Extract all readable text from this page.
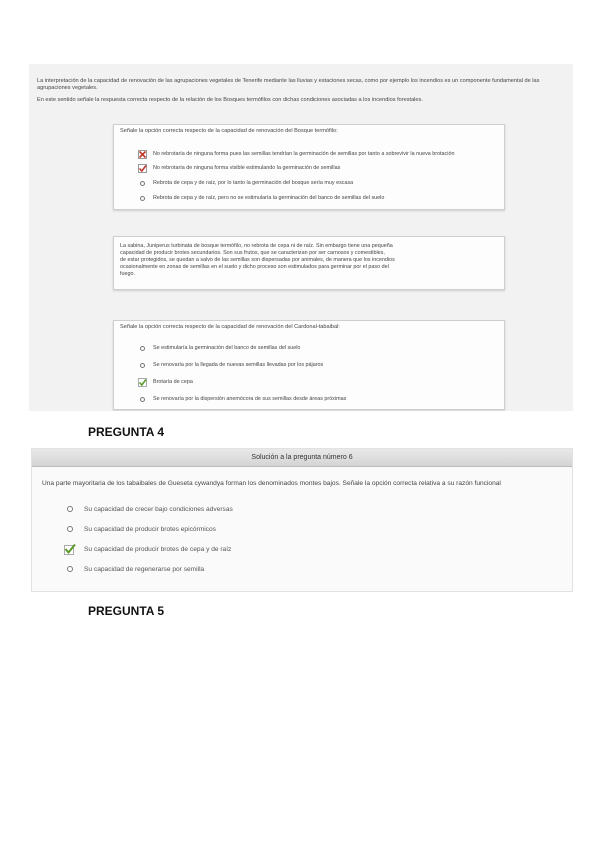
La interpretación de la capacidad de renovación de las agrupaciones vegetales de Tenerife mediante las lluvias y estaciones secas, como por ejemplo los incendios es un componente fundamental de las
agrupaciones vegetales.
En este sentido señale la respuesta correcta respecto de la relación de los Bosques termófilos con dichas condiciones asociadas a los incendios forestales.
Señale la opción correcta respecto de la capacidad de renovación del Bosque termófilo:
No rebrotaría de ninguna forma pues las semillas tendrían la germinación de semillas por tanto a sobrevivir la nueva brotación
No rebrotaría de ninguna forma visible estimulando la germinación de semillas
Rebrota de cepa y de raíz, por lo tanto la germinación del bosque sería muy escasa
Rebrota de cepa y de raíz, pero no se estimularía la germinación del banco de semillas del suelo
La sabina, Juniperus turbinata de bosque termófilo, no rebrota de cepa ni de raíz. Sin embargo tiene una pequeña
capacidad de producir brotes secundarios. Son sus frutos, que se caracterizan por ser carnosos y comestibles,
de estar protegidos, se quedan a salvo de las semillas son dispersadas por animales, de manera que los incendios
ocasionalmente en zonas de semillas en el suelo y dicho proceso son estimulados para germinar por el paso del
fuego.
Señale la opción correcta respecto de la capacidad de renovación del Cardonal-tabaibal:
Se estimularía la germinación del banco de semillas del suelo
Se renovaría por la llegada de nuevas semillas llevadas por los pájaros
Brotaría de cepa
Se renovaría por la dispersión anemócora de sus semillas desde áreas próximas
PREGUNTA 4
Solución a la pregunta número 6
Una parte mayoritaria de los tabaibales de Gueseta cywandya forman los denominados montes bajos. Señale la opción correcta relativa a su razón funcional
Su capacidad de crecer bajo condiciones adversas
Su capacidad de producir brotes epicórmicos
Su capacidad de producir brotes de cepa y de raíz
Su capacidad de regenerarse por semilla
PREGUNTA 5
